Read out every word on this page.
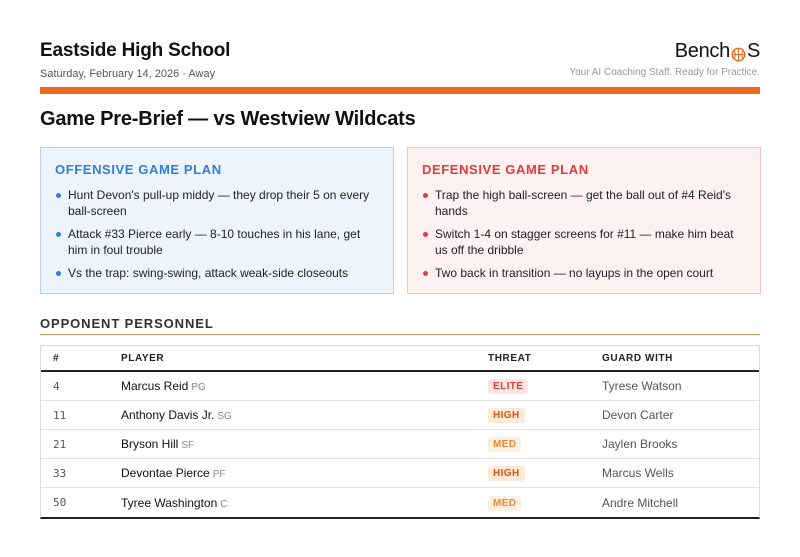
Eastside High School
Saturday, February 14, 2026 · Away
Bench S
Your AI Coaching Staff. Ready for Practice.
Game Pre-Brief — vs Westview Wildcats
OFFENSIVE GAME PLAN
Hunt Devon's pull-up middy — they drop their 5 on every ball-screen
Attack #33 Pierce early — 8-10 touches in his lane, get him in foul trouble
Vs the trap: swing-swing, attack weak-side closeouts
DEFENSIVE GAME PLAN
Trap the high ball-screen — get the ball out of #4 Reid's hands
Switch 1-4 on stagger screens for #11 — make him beat us off the dribble
Two back in transition — no layups in the open court
OPPONENT PERSONNEL
#	PLAYER	THREAT	GUARD WITH
4	Marcus Reid PG	ELITE	Tyrese Watson
11	Anthony Davis Jr. SG	HIGH	Devon Carter
21	Bryson Hill SF	MED	Jaylen Brooks
33	Devontae Pierce PF	HIGH	Marcus Wells
50	Tyree Washington C	MED	Andre Mitchell
